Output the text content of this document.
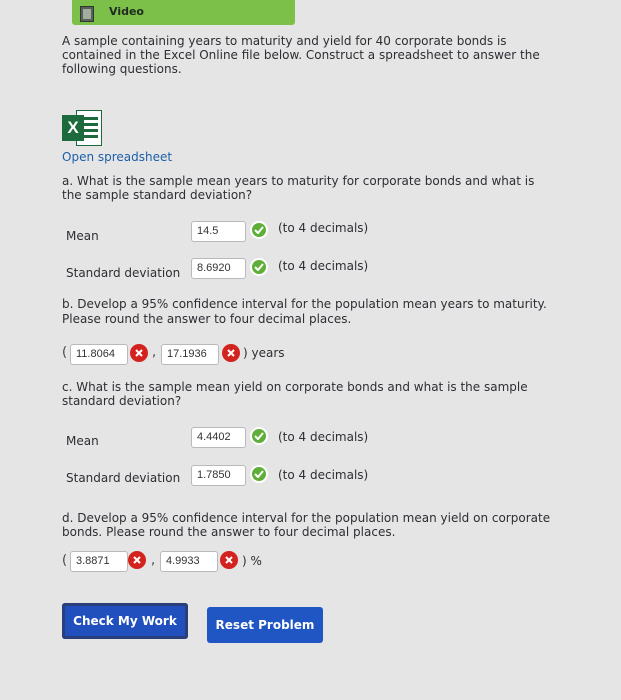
Video
A sample containing years to maturity and yield for 40 corporate bonds is
contained in the Excel Online file below. Construct a spreadsheet to answer the
following questions.
X
Open spreadsheet
a. What is the sample mean years to maturity for corporate bonds and what is
the sample standard deviation?
Mean	14.5	(to 4 decimals)
Standard deviation	8.6920	(to 4 decimals)
b. Develop a 95% confidence interval for the population mean years to maturity.
Please round the answer to four decimal places.
( 11.8064	, 17.1936	) years
c. What is the sample mean yield on corporate bonds and what is the sample
standard deviation?
Mean	4.4402	(to 4 decimals)
Standard deviation	1.7850	(to 4 decimals)
d. Develop a 95% confidence interval for the population mean yield on corporate
bonds. Please round the answer to four decimal places.
( 3.8871	, 4.9933	) %
Check My Work	Reset Problem
